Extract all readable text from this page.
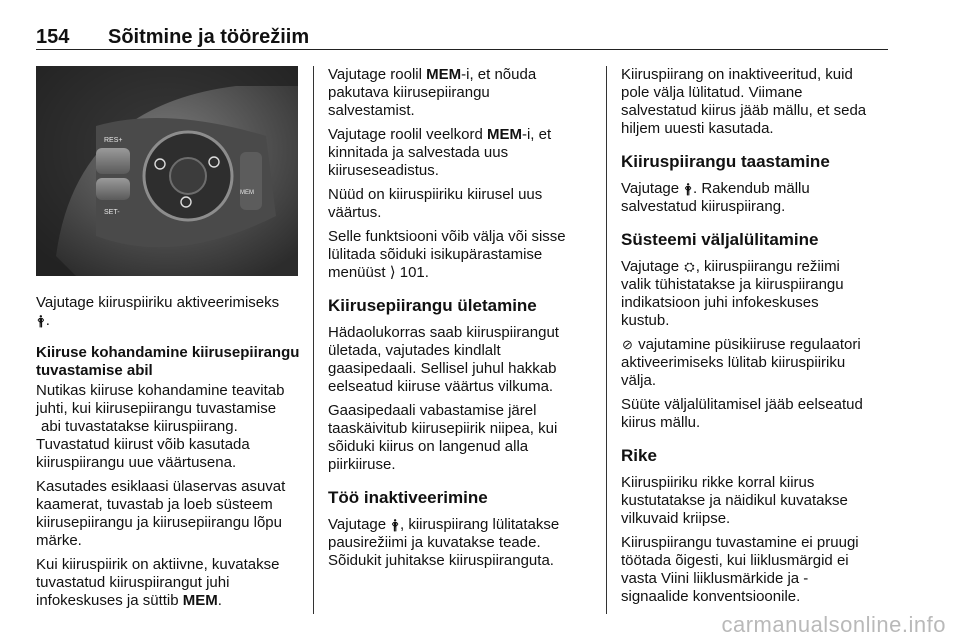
154 Sõitmine ja töörežiim
RES+
SET-
MEM

Vajutage kiiruspiiriku aktiveerimiseks
🛉.

Kiiruse kohandamine kiirusepiirangu
tuvastamise abil

Nutikas kiiruse kohandamine teavitab
juhti, kui kiirusepiirangu tuvastamise
abi tuvastatakse kiiruspiirang.
Tuvastatud kiirust võib kasutada
kiiruspiirangu uue väärtusena.

Kasutades esiklaasi ülaservas asuvat
kaamerat, tuvastab ja loeb süsteem
kiirusepiirangu ja kiirusepiirangu lõpu
märke.

Kui kiiruspiirik on aktiivne, kuvatakse
tuvastatud kiiruspiirangut juhi
infokeskuses ja süttib MEM.

Vajutage roolil MEM-i, et nõuda
pakutava kiirusepiirangu
salvestamist.

Vajutage roolil veelkord MEM-i, et
kinnitada ja salvestada uus
kiiruseseadistus.

Nüüd on kiiruspiiriku kiirusel uus
väärtus.

Selle funktsiooni võib välja või sisse
lülitada sõiduki isikupärastamise
menüüst ⟩ 101.

Kiirusepiirangu ületamine

Hädaolukorras saab kiiruspiirangut
ületada, vajutades kindlalt
gaasipedaali. Sellisel juhul hakkab
eelseatud kiiruse väärtus vilkuma.

Gaasipedaali vabastamise järel
taaskäivitub kiirusepiirik niipea, kui
sõiduki kiirus on langenud alla
piirkiiruse.

Töö inaktiveerimine

Vajutage 🛉, kiiruspiirang lülitatakse
pausirežiimi ja kuvatakse teade.
Sõidukit juhitakse kiiruspiiranguta.

Kiiruspiirang on inaktiveeritud, kuid
pole välja lülitatud. Viimane
salvestatud kiirus jääb mällu, et seda
hiljem uuesti kasutada.

Kiiruspiirangu taastamine

Vajutage 🛉. Rakendub mällu
salvestatud kiiruspiirang.

Süsteemi väljalülitamine

Vajutage ⛭, kiiruspiirangu režiimi
valik tühistatakse ja kiiruspiirangu
indikatsioon juhi infokeskuses
kustub.

⊘ vajutamine püsikiiruse regulaatori
aktiveerimiseks lülitab kiiruspiiriku
välja.

Süüte väljalülitamisel jääb eelseatud
kiirus mällu.

Rike

Kiiruspiiriku rikke korral kiirus
kustutatakse ja näidikul kuvatakse
vilkuvaid kriipse.

Kiiruspiirangu tuvastamine ei pruugi
töötada õigesti, kui liiklusmärgid ei
vasta Viini liiklusmärkide ja -
signaalide konventsioonile.

carmanualsonline.info
